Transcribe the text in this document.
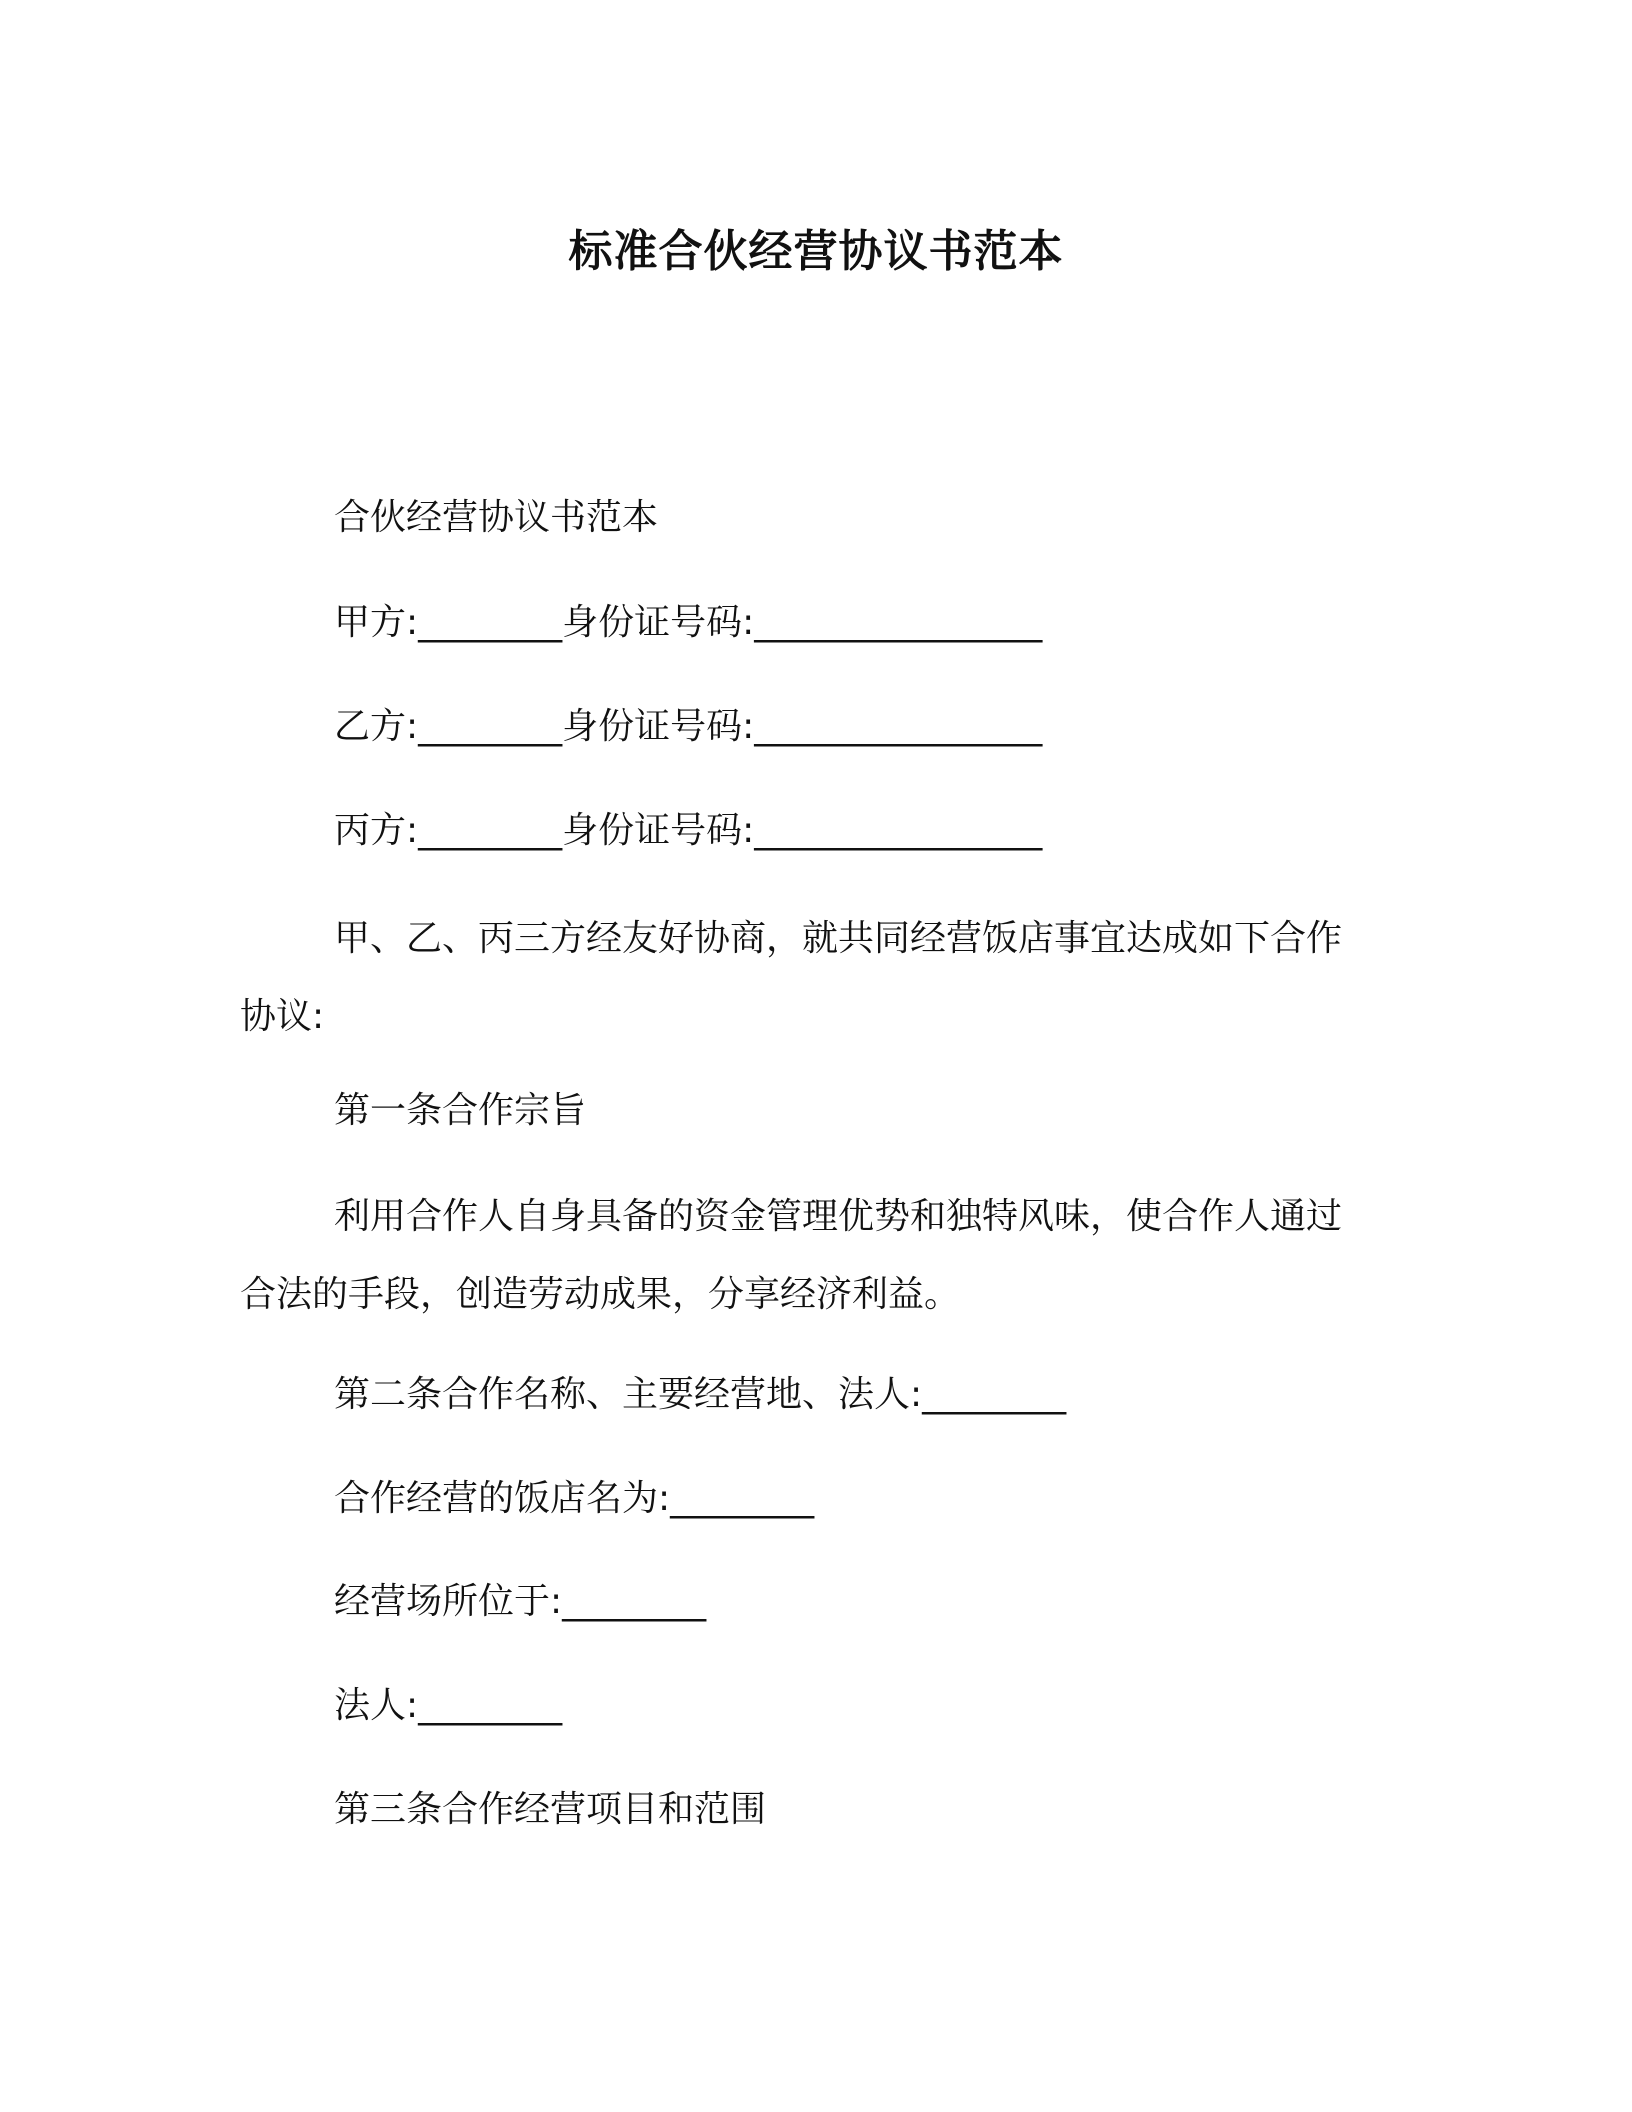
标准合伙经营协议书范本
合伙经营协议书范本
甲方:________身份证号码:________________
乙方:________身份证号码:________________
丙方:________身份证号码:________________
甲、乙、丙三方经友好协商，就共同经营饭店事宜达成如下合作协议:
第一条合作宗旨
利用合作人自身具备的资金管理优势和独特风味，使合作人通过合法的手段，创造劳动成果，分享经济利益。
第二条合作名称、主要经营地、法人:________
合作经营的饭店名为:________
经营场所位于:________
法人:________
第三条合作经营项目和范围
